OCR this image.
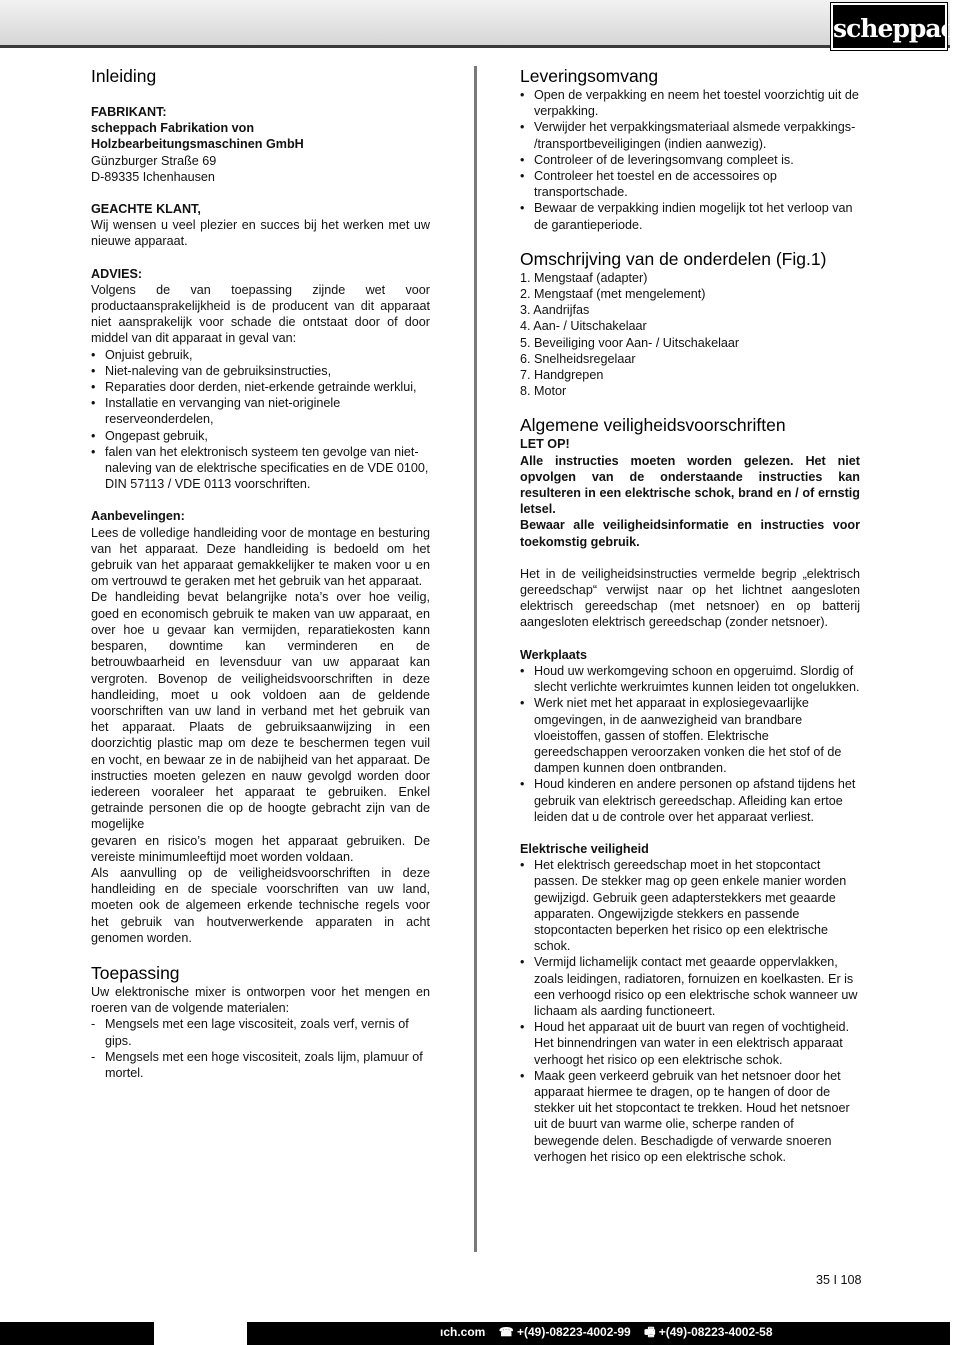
scheppach
Inleiding
FABRIKANT:
scheppach Fabrikation von
Holzbearbeitungsmaschinen GmbH
Günzburger Straße 69
D-89335 Ichenhausen
GEACHTE KLANT,

Wij wensen u veel plezier en succes bij het werken met uw nieuwe apparaat.

ADVIES:

Volgens de van toepassing zijnde wet voor productaansprakelijkheid is de producent van dit apparaat niet aansprakelijk voor schade die ontstaat door of door middel van dit apparaat in geval van:

• Onjuist gebruik,
• Niet-naleving van de gebruiksinstructies,
• Reparaties door derden, niet-erkende getrainde werklui,
• Installatie en vervanging van niet-originele reserveonderdelen,
• Ongepast gebruik,
• falen van het elektronisch systeem ten gevolge van niet-naleving van de elektrische specificaties en de VDE 0100, DIN 57113 / VDE 0113 voorschriften.
Aanbevelingen:

Lees de volledige handleiding voor de montage en besturing van het apparaat. Deze handleiding is bedoeld om het gebruik van het apparaat gemakkelijker te maken voor u en om vertrouwd te geraken met het gebruik van het apparaat.

De handleiding bevat belangrijke nota’s over hoe veilig, goed en economisch gebruik te maken van uw apparaat, en over hoe u gevaar kan vermijden, reparatiekosten kann besparen, downtime kan verminderen en de betrouwbaarheid en levensduur van uw apparaat kan vergroten. Bovenop de veiligheidsvoorschriften in deze handleiding, moet u ook voldoen aan de geldende voorschriften van uw land in verband met het gebruik van het apparaat. Plaats de gebruiksaanwijzing in een doorzichtig plastic map om deze te beschermen tegen vuil en vocht, en bewaar ze in de nabijheid van het apparaat. De instructies moeten gelezen en nauw gevolgd worden door iedereen vooraleer het apparaat te gebruiken. Enkel getrainde personen die op de hoogte gebracht zijn van de mogelijke

gevaren en risico’s mogen het apparaat gebruiken. De vereiste minimumleeftijd moet worden voldaan.

Als aanvulling op de veiligheidsvoorschriften in deze handleiding en de speciale voorschriften van uw land, moeten ook de algemeen erkende technische regels voor het gebruik van houtverwerkende apparaten in acht genomen worden.

Toepassing

Uw elektronische mixer is ontworpen voor het mengen en roeren van de volgende materialen:

- Mengsels met een lage viscositeit, zoals verf, vernis of gips.
- Mengsels met een hoge viscositeit, zoals lijm, plamuur of mortel.
Leveringsomvang
• Open de verpakking en neem het toestel voorzichtig uit de verpakking.
• Verwijder het verpakkingsmateriaal alsmede verpakkings- /transportbeveiligingen (indien aanwezig).
• Controleer of de leveringsomvang compleet is.
• Controleer het toestel en de accessoires op transportschade.
• Bewaar de verpakking indien mogelijk tot het verloop van de garantieperiode.
Omschrijving van de onderdelen (Fig.1)
1. Mengstaaf (adapter)
2. Mengstaaf (met mengelement)
3. Aandrijfas
4. Aan- / Uitschakelaar
5. Beveiliging voor Aan- / Uitschakelaar
6. Snelheidsregelaar
7. Handgrepen
8. Motor
Algemene veiligheidsvoorschriften
LET OP!

Alle instructies moeten worden gelezen. Het niet opvolgen van de onderstaande instructies kan resulteren in een elektrische schok, brand en / of ernstig letsel.

Bewaar alle veiligheidsinformatie en instructies voor toekomstig gebruik.

Het in de veiligheidsinstructies vermelde begrip „elektrisch gereedschap“ verwijst naar op het lichtnet aangesloten elektrisch gereedschap (met netsnoer) en op batterij aangesloten elektrisch gereedschap (zonder netsnoer).

Werkplaats
• Houd uw werkomgeving schoon en opgeruimd. Slordig of slecht verlichte werkruimtes kunnen leiden tot ongelukken.
• Werk niet met het apparaat in explosiegevaarlijke omgevingen, in de aanwezigheid van brandbare vloeistoffen, gassen of stoffen. Elektrische gereedschappen veroorzaken vonken die het stof of de dampen kunnen doen ontbranden.
• Houd kinderen en andere personen op afstand tijdens het gebruik van elektrisch gereedschap. Afleiding kan ertoe leiden dat u de controle over het apparaat verliest.
Elektrische veiligheid
• Het elektrisch gereedschap moet in het stopcontact passen. De stekker mag op geen enkele manier worden gewijzigd. Gebruik geen adapterstekkers met geaarde apparaten. Ongewijzigde stekkers en passende stopcontacten beperken het risico op een elektrische schok.
• Vermijd lichamelijk contact met geaarde oppervlakken, zoals leidingen, radiatoren, fornuizen en koelkasten. Er is een verhoogd risico op een elektrische schok wanneer uw lichaam als aarding functioneert.
• Houd het apparaat uit de buurt van regen of vochtigheid. Het binnendringen van water in een elektrisch apparaat verhoogt het risico op een elektrische schok.
• Maak geen verkeerd gebruik van het netsnoer door het apparaat hiermee te dragen, op te hangen of door de stekker uit het stopcontact te trekken. Houd het netsnoer uit de buurt van warme olie, scherpe randen of bewegende delen. Beschadigde of verwarde snoeren verhogen het risico op een elektrische schok.
35 I 108
ıch.com ☎ +(49)-08223-4002-99 🖷 +(49)-08223-4002-58
